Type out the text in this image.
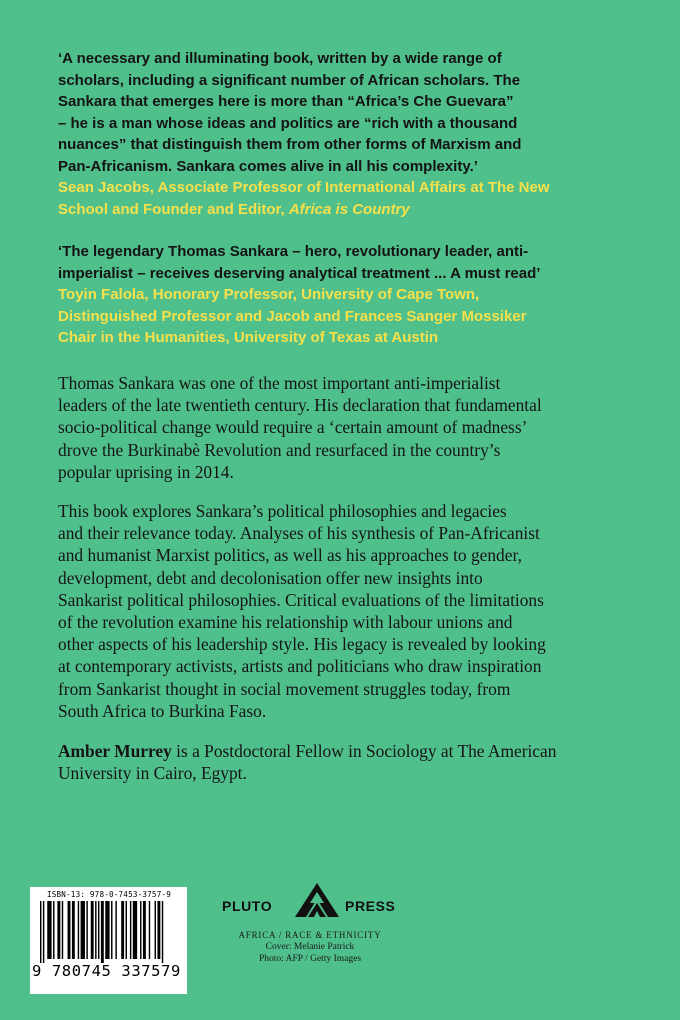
‘A necessary and illuminating book, written by a wide range of
scholars, including a significant number of African scholars. The
Sankara that emerges here is more than “Africa’s Che Guevara”
– he is a man whose ideas and politics are “rich with a thousand
nuances” that distinguish them from other forms of Marxism and
Pan-Africanism. Sankara comes alive in all his complexity.’
Sean Jacobs, Associate Professor of International Affairs at The New
School and Founder and Editor, Africa is Country
‘The legendary Thomas Sankara – hero, revolutionary leader, anti-
imperialist – receives deserving analytical treatment ... A must read’
Toyin Falola, Honorary Professor, University of Cape Town,
Distinguished Professor and Jacob and Frances Sanger Mossiker
Chair in the Humanities, University of Texas at Austin
Thomas Sankara was one of the most important anti-imperialist
leaders of the late twentieth century. His declaration that fundamental
socio-political change would require a ‘certain amount of madness’
drove the Burkinabè Revolution and resurfaced in the country’s
popular uprising in 2014.
This book explores Sankara’s political philosophies and legacies
and their relevance today. Analyses of his synthesis of Pan-Africanist
and humanist Marxist politics, as well as his approaches to gender,
development, debt and decolonisation offer new insights into
Sankarist political philosophies. Critical evaluations of the limitations
of the revolution examine his relationship with labour unions and
other aspects of his leadership style. His legacy is revealed by looking
at contemporary activists, artists and politicians who draw inspiration
from Sankarist thought in social movement struggles today, from
South Africa to Burkina Faso.
Amber Murrey is a Postdoctoral Fellow in Sociology at The American
University in Cairo, Egypt.
ISBN-13: 978-0-7453-3757-9
9 780745 337579
PLUTO	PRESS
AFRICA / RACE & ETHNICITY
Cover: Melanie Patrick
Photo: AFP / Getty Images
